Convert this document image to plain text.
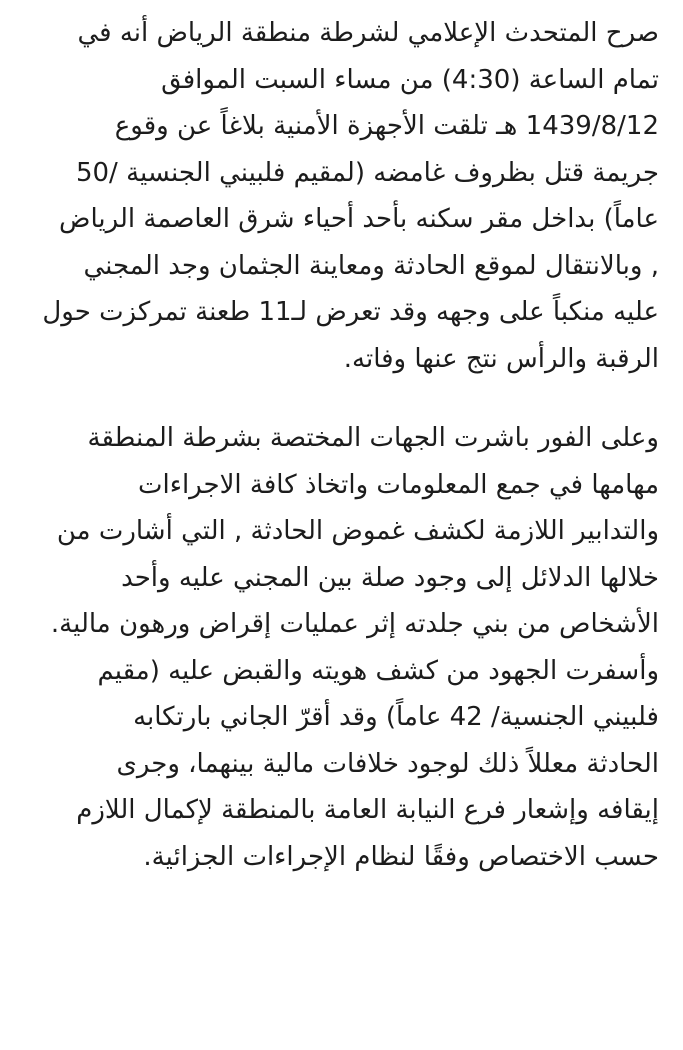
صرح المتحدث الإعلامي لشرطة منطقة الرياض أنه في
تمام الساعة (4:30) من مساء السبت الموافق
1439/8/12 هـ تلقت الأجهزة الأمنية بلاغاً عن وقوع
جريمة قتل بظروف غامضه (لمقيم فلبيني الجنسية /50
عاماً) بداخل مقر سكنه بأحد أحياء شرق العاصمة الرياض
, وبالانتقال لموقع الحادثة ومعاينة الجثمان وجد المجني
عليه منكباً على وجهه وقد تعرض لـ11 طعنة تمركزت حول
الرقبة والرأس نتج عنها وفاته.
وعلى الفور باشرت الجهات المختصة بشرطة المنطقة
مهامها في جمع المعلومات واتخاذ كافة الاجراءات
والتدابير اللازمة لكشف غموض الحادثة , التي أشارت من
خلالها الدلائل إلى وجود صلة بين المجني عليه وأحد
الأشخاص من بني جلدته إثر عمليات إقراض ورهون مالية.
وأسفرت الجهود من كشف هويته والقبض عليه (مقيم
فلبيني الجنسية/ 42 عاماً) وقد أقرّ الجاني بارتكابه
الحادثة معللاً ذلك لوجود خلافات مالية بينهما، وجرى
إيقافه وإشعار فرع النيابة العامة بالمنطقة لإكمال اللازم
حسب الاختصاص وفقًا لنظام الإجراءات الجزائية.
